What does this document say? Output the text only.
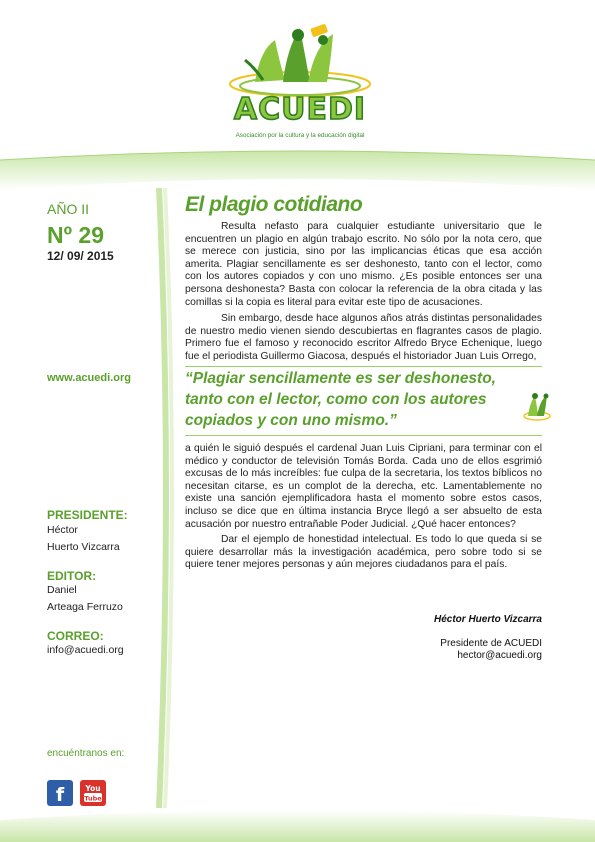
ACUEDI
Asociación por la cultura y la educación digital
AÑO II
Nº 29
12/ 09/ 2015
www.acuedi.org
PRESIDENTE:
Héctor
Huerto Vizcarra
EDITOR:
Daniel
Arteaga Ferruzo
CORREO:
info@acuedi.org
encuéntranos en:
f	You
Tube
El plagio cotidiano

Resulta nefasto para cualquier estudiante universitario que le encuentren un plagio en algún trabajo escrito. No sólo por la nota cero, que se merece con justicia, sino por las implicancias éticas que esa acción amerita. Plagiar sencillamente es ser deshonesto, tanto con el lector, como con los autores copiados y con uno mismo. ¿Es posible entonces ser una persona deshonesta? Basta con colocar la referencia de la obra citada y las comillas si la copia es literal para evitar este tipo de acusaciones.

Sin embargo, desde hace algunos años atrás distintas personalidades de nuestro medio vienen siendo descubiertas en flagrantes casos de plagio. Primero fue el famoso y reconocido escritor Alfredo Bryce Echenique, luego fue el periodista Guillermo Giacosa, después el historiador Juan Luis Orrego,

“Plagiar sencillamente es ser deshonesto, tanto con el lector, como con los autores copiados y con uno mismo.”

a quién le siguió después el cardenal Juan Luis Cipriani, para terminar con el médico y conductor de televisión Tomás Borda. Cada uno de ellos esgrimió excusas de lo más increíbles: fue culpa de la secretaria, los textos bíblicos no necesitan citarse, es un complot de la derecha, etc. Lamentablemente no existe una sanción ejemplificadora hasta el momento sobre estos casos, incluso se dice que en última instancia Bryce llegó a ser absuelto de esta acusación por nuestro entrañable Poder Judicial. ¿Qué hacer entonces?

Dar el ejemplo de honestidad intelectual. Es todo lo que queda si se quiere desarrollar más la investigación académica, pero sobre todo si se quiere tener mejores personas y aún mejores ciudadanos para el país.

Héctor Huerto Vizcarra
Presidente de ACUEDI
hector@acuedi.org
